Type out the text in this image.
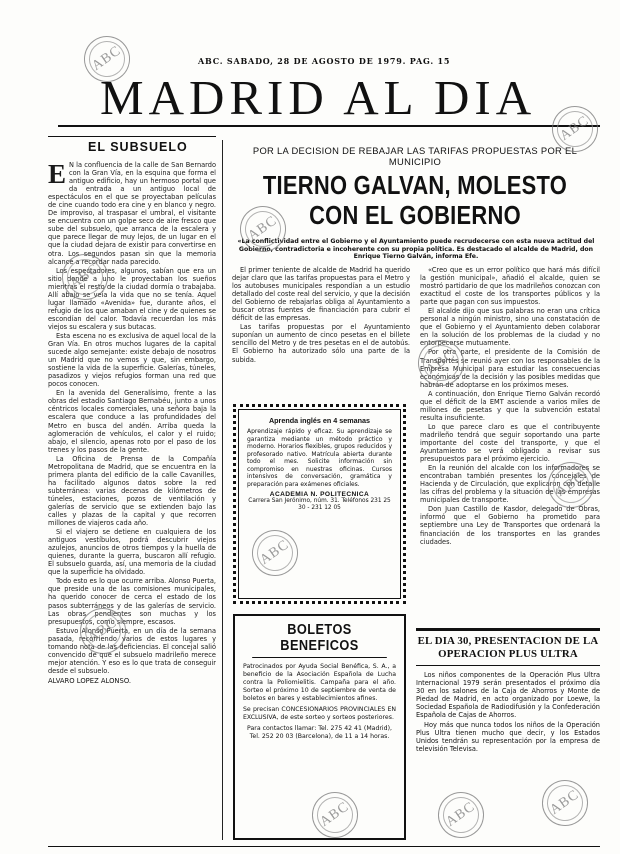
ABC. SABADO, 28 DE AGOSTO DE 1979. PAG. 15
MADRID AL DIA
EL SUBSUELO

E N la confluencia de la calle de San Bernardo con la Gran Vía, en la esquina que forma el antiguo edificio, hay un hermoso portal que da entrada a un antiguo local de espectáculos en el que se proyectaban películas de cine cuando todo era cine y en blanco y negro. De improviso, al traspasar el umbral, el visitante se encuentra con un golpe seco de aire fresco que sube del subsuelo, que arranca de la escalera y que parece llegar de muy lejos, de un lugar en el que la ciudad dejara de existir para convertirse en otra. Los segundos pasan sin que la memoria alcance a recordar nada parecido.

Los espectadores, algunos, sabían que era un sitio donde a uno le proyectaban los sueños mientras el resto de la ciudad dormía o trabajaba. Allí abajo se veía la vida que no se tenía. Aquel lugar llamado «Avenida» fue, durante años, el refugio de los que amaban el cine y de quienes se escondían del calor. Todavía recuerdan los más viejos su escalera y sus butacas.

Esta escena no es exclusiva de aquel local de la Gran Vía. En otros muchos lugares de la capital sucede algo semejante: existe debajo de nosotros un Madrid que no vemos y que, sin embargo, sostiene la vida de la superficie. Galerías, túneles, pasadizos y viejos refugios forman una red que pocos conocen.

En la avenida del Generalísimo, frente a las obras del estadio Santiago Bernabéu, junto a unos céntricos locales comerciales, una señora baja la escalera que conduce a las profundidades del Metro en busca del andén. Arriba queda la aglomeración de vehículos, el calor y el ruido; abajo, el silencio, apenas roto por el paso de los trenes y los pasos de la gente.

La Oficina de Prensa de la Compañía Metropolitana de Madrid, que se encuentra en la primera planta del edificio de la calle Cavanilles, ha facilitado algunos datos sobre la red subterránea: varias decenas de kilómetros de túneles, estaciones, pozos de ventilación y galerías de servicio que se extienden bajo las calles y plazas de la capital y que recorren millones de viajeros cada año.

Si el viajero se detiene en cualquiera de los antiguos vestíbulos, podrá descubrir viejos azulejos, anuncios de otros tiempos y la huella de quienes, durante la guerra, buscaron allí refugio. El subsuelo guarda, así, una memoria de la ciudad que la superficie ha olvidado.

Todo esto es lo que ocurre arriba. Alonso Puerta, que preside una de las comisiones municipales, ha querido conocer de cerca el estado de los pasos subterráneos y de las galerías de servicio. Las obras pendientes son muchas y los presupuestos, como siempre, escasos.

Estuvo Alonso Puerta, en un día de la semana pasada, recorriendo varios de estos lugares y tomando nota de las deficiencias. El concejal salió convencido de que el subsuelo madrileño merece mejor atención. Y eso es lo que trata de conseguir desde el subsuelo.

ALVARO LOPEZ ALONSO.
POR LA DECISION DE REBAJAR LAS TARIFAS PROPUESTAS POR EL MUNICIPIO
TIERNO GALVAN, MOLESTO CON EL GOBIERNO
«La conflictividad entre el Gobierno y el Ayuntamiento puede recrudecerse con esta nueva actitud del Gobierno, contradictoria e incoherente con su propia política. Es destacado el alcalde de Madrid, don Enrique Tierno Galván, informa Efe.

El primer teniente de alcalde de Madrid ha querido dejar claro que las tarifas propuestas para el Metro y los autobuses municipales respondían a un estudio detallado del coste real del servicio, y que la decisión del Gobierno de rebajarlas obliga al Ayuntamiento a buscar otras fuentes de financiación para cubrir el déficit de las empresas.

Las tarifas propuestas por el Ayuntamiento suponían un aumento de cinco pesetas en el billete sencillo del Metro y de tres pesetas en el de autobús. El Gobierno ha autorizado sólo una parte de la subida.

«Creo que es un error político que hará más difícil la gestión municipal», añadió el alcalde, quien se mostró partidario de que los madrileños conozcan con exactitud el coste de los transportes públicos y la parte que pagan con sus impuestos.

El alcalde dijo que sus palabras no eran una crítica personal a ningún ministro, sino una constatación de que el Gobierno y el Ayuntamiento deben colaborar en la solución de los problemas de la ciudad y no entorpecerse mutuamente.

Por otra parte, el presidente de la Comisión de Transportes se reunió ayer con los responsables de la Empresa Municipal para estudiar las consecuencias económicas de la decisión y las posibles medidas que habrán de adoptarse en los próximos meses.

A continuación, don Enrique Tierno Galván recordó que el déficit de la EMT asciende a varios miles de millones de pesetas y que la subvención estatal resulta insuficiente.

Lo que parece claro es que el contribuyente madrileño tendrá que seguir soportando una parte importante del coste del transporte, y que el Ayuntamiento se verá obligado a revisar sus presupuestos para el próximo ejercicio.

En la reunión del alcalde con los informadores se encontraban también presentes los concejales de Hacienda y de Circulación, que explicaron con detalle las cifras del problema y la situación de las empresas municipales de transporte.

Don Juan Castillo de Kasdor, delegado de Obras, informó que el Gobierno ha prometido para septiembre una Ley de Transportes que ordenará la financiación de los transportes en las grandes ciudades.

Aprenda inglés en 4 semanas
Aprendizaje rápido y eficaz. Su aprendizaje se garantiza mediante un método práctico y moderno. Horarios flexibles, grupos reducidos y profesorado nativo. Matrícula abierta durante todo el mes. Solicite información sin compromiso en nuestras oficinas. Cursos intensivos de conversación, gramática y preparación para exámenes oficiales.
ACADEMIA N. POLITECNICA
Carrera San Jerónimo, núm. 31. Teléfonos 231 25 30 - 231 12 05
BOLETOS BENEFICOS
Patrocinados por Ayuda Social Benéfica, S. A., a beneficio de la Asociación Española de Lucha contra la Poliomielitis. Campaña para el año. Sorteo el próximo 10 de septiembre de venta de boletos en bares y establecimientos afines.
Se precisan CONCESIONARIOS PROVINCIALES EN EXCLUSIVA, de este sorteo y sorteos posteriores.
Para contactos llamar: Tel. 275 42 41 (Madrid), Tel. 252 20 03 (Barcelona), de 11 a 14 horas.
EL DIA 30, PRESENTACION DE LA OPERACION PLUS ULTRA

Los niños componentes de la Operación Plus Ultra Internacional 1979 serán presentados el próximo día 30 en los salones de la Caja de Ahorros y Monte de Piedad de Madrid, en acto organizado por Loewe, la Sociedad Española de Radiodifusión y la Confederación Española de Cajas de Ahorros.

Hoy más que nunca todos los niños de la Operación Plus Ultra tienen mucho que decir, y los Estados Unidos tendrán su representación por la empresa de televisión Televisa.

ABC
ABC
ABC
ABC
ABC
ABC
ABC
ABC
ABC
ABC
ABC
